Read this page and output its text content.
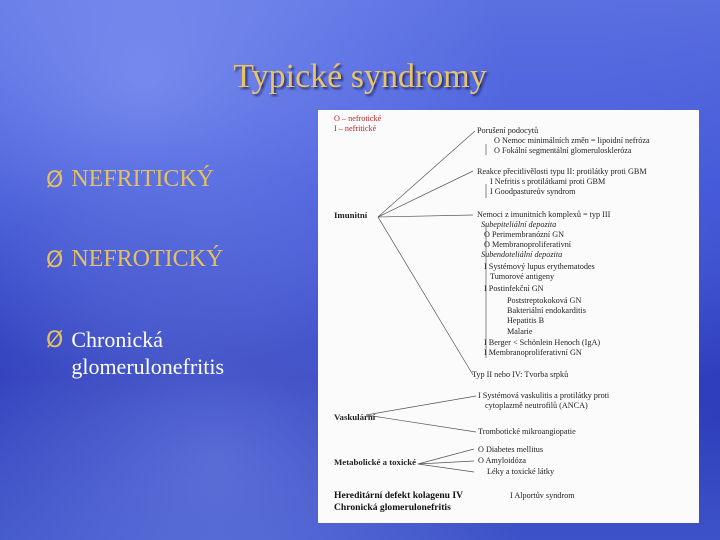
Typické syndromy
Ø NEFRITICKÝ
Ø NEFROTICKÝ
Ø Chronická
glomerulonefritis
O – nefrotické
I – nefritické
Imunitní
Vaskulární
Metabolické a toxické
Hereditární defekt kolagenu IV
Chronická glomerulonefritis
Porušení podocytů
O Nemoc minimálních změn = lipoidní nefróza
O Fokální segmentální glomeruloskleróza
Reakce přecitlivělosti typu II: protilátky proti GBM
I Nefritis s protilátkami proti GBM
I Goodpastureův syndrom
Nemoci z imunitních komplexů = typ III
Subepiteliální depozita
O Perimembranózní GN
O Membranoproliferativní
Subendoteliální depozita
I Systémový lupus erythematodes
Tumorové antigeny
I Postinfekční GN
Poststreptokoková GN
Bakteriální endokarditis
Hepatitis B
Malarie
I Berger < Schönlein Henoch (IgA)
I Membranoproliferativní GN
Typ II nebo IV: Tvorba srpků
I Systémová vaskulitis a protilátky proti
cytoplazmě neutrofilů (ANCA)
Trombotické mikroangiopatie
O Diabetes mellitus
O Amyloidóza
Léky a toxické látky
I Alportův syndrom
